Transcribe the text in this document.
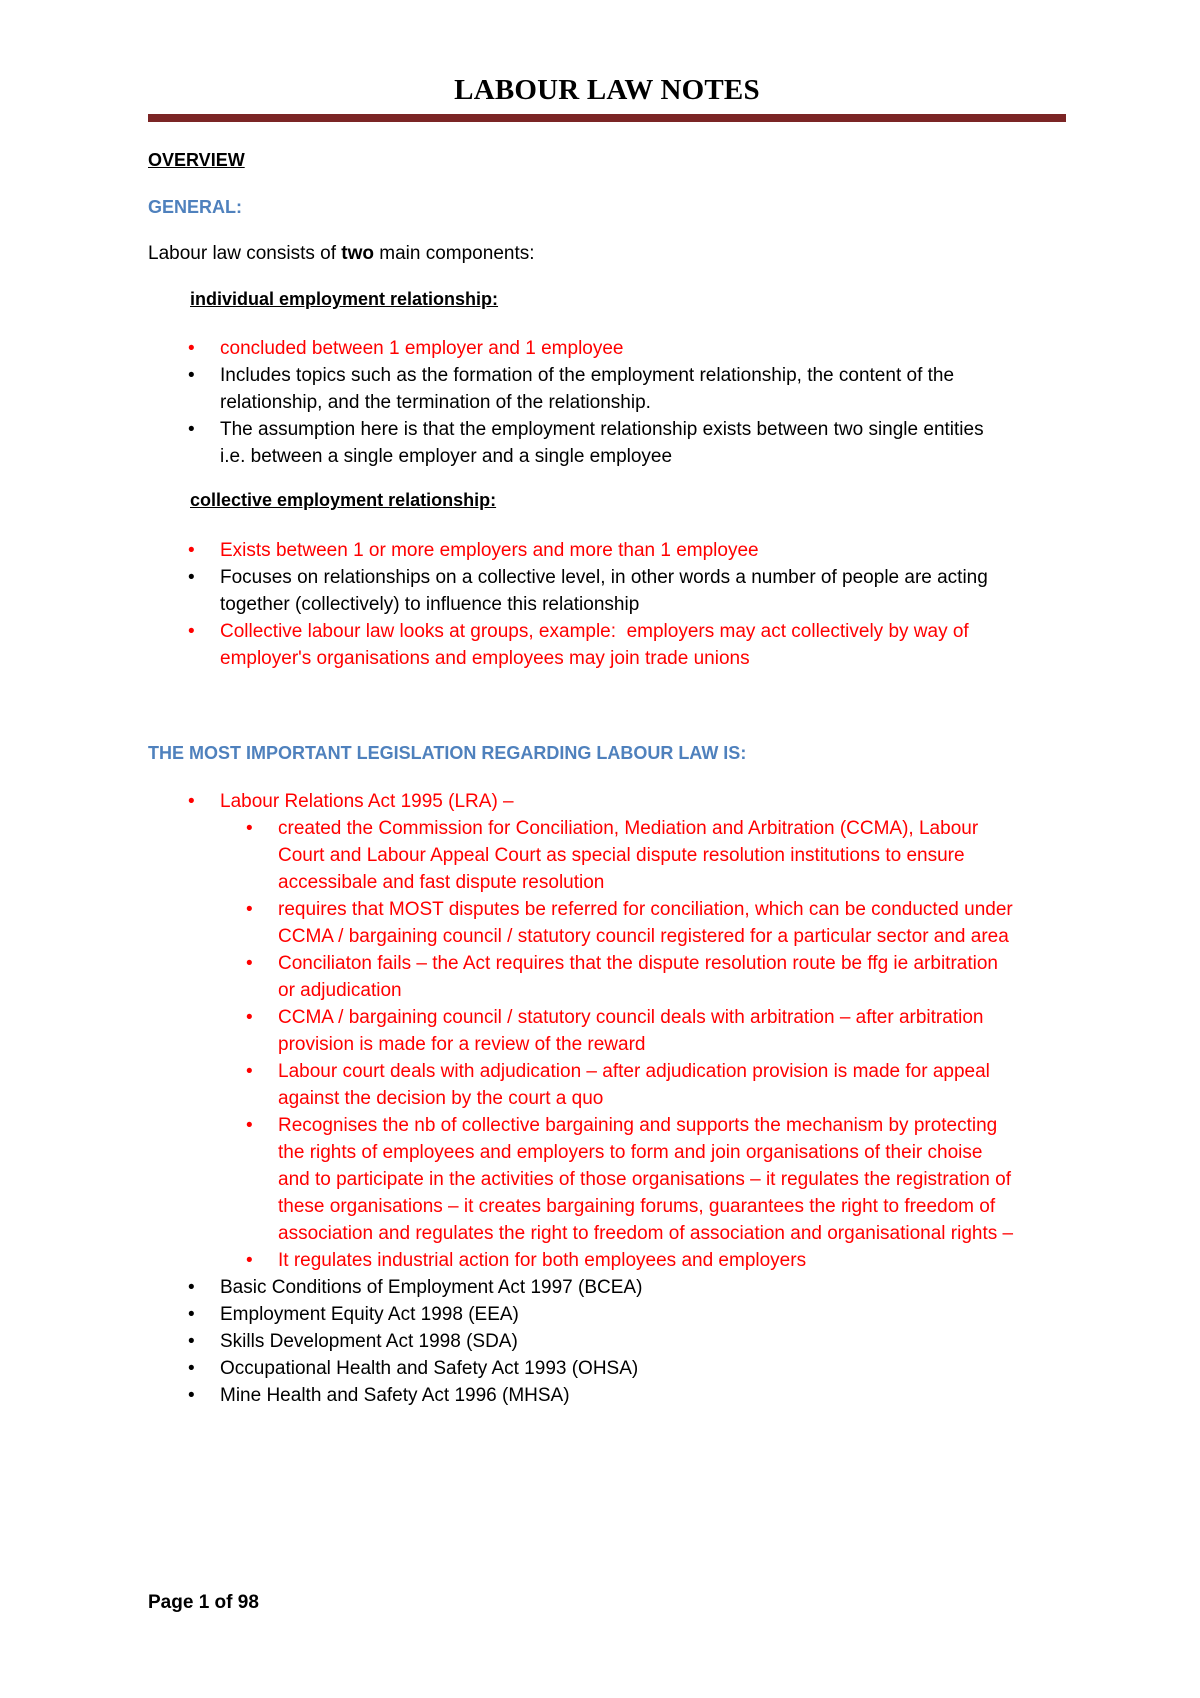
LABOUR LAW NOTES
OVERVIEW
GENERAL:
Labour law consists of two main components:
individual employment relationship:
• concluded between 1 employer and 1 employee
• Includes topics such as the formation of the employment relationship, the content of the
relationship, and the termination of the relationship.
• The assumption here is that the employment relationship exists between two single entities
i.e. between a single employer and a single employee
collective employment relationship:
• Exists between 1 or more employers and more than 1 employee
• Focuses on relationships on a collective level, in other words a number of people are acting
together (collectively) to influence this relationship
• Collective labour law looks at groups, example:  employers may act collectively by way of
employer's organisations and employees may join trade unions
THE MOST IMPORTANT LEGISLATION REGARDING LABOUR LAW IS:
• Labour Relations Act 1995 (LRA) –
• created the Commission for Conciliation, Mediation and Arbitration (CCMA), Labour
Court and Labour Appeal Court as special dispute resolution institutions to ensure
accessibale and fast dispute resolution
• requires that MOST disputes be referred for conciliation, which can be conducted under
CCMA / bargaining council / statutory council registered for a particular sector and area
• Conciliaton fails – the Act requires that the dispute resolution route be ffg ie arbitration
or adjudication
• CCMA / bargaining council / statutory council deals with arbitration – after arbitration
provision is made for a review of the reward
• Labour court deals with adjudication – after adjudication provision is made for appeal
against the decision by the court a quo
• Recognises the nb of collective bargaining and supports the mechanism by protecting
the rights of employees and employers to form and join organisations of their choise
and to participate in the activities of those organisations – it regulates the registration of
these organisations – it creates bargaining forums, guarantees the right to freedom of
association and regulates the right to freedom of association and organisational rights –
• It regulates industrial action for both employees and employers
• Basic Conditions of Employment Act 1997 (BCEA)
• Employment Equity Act 1998 (EEA)
• Skills Development Act 1998 (SDA)
• Occupational Health and Safety Act 1993 (OHSA)
• Mine Health and Safety Act 1996 (MHSA)
Page 1 of 98
